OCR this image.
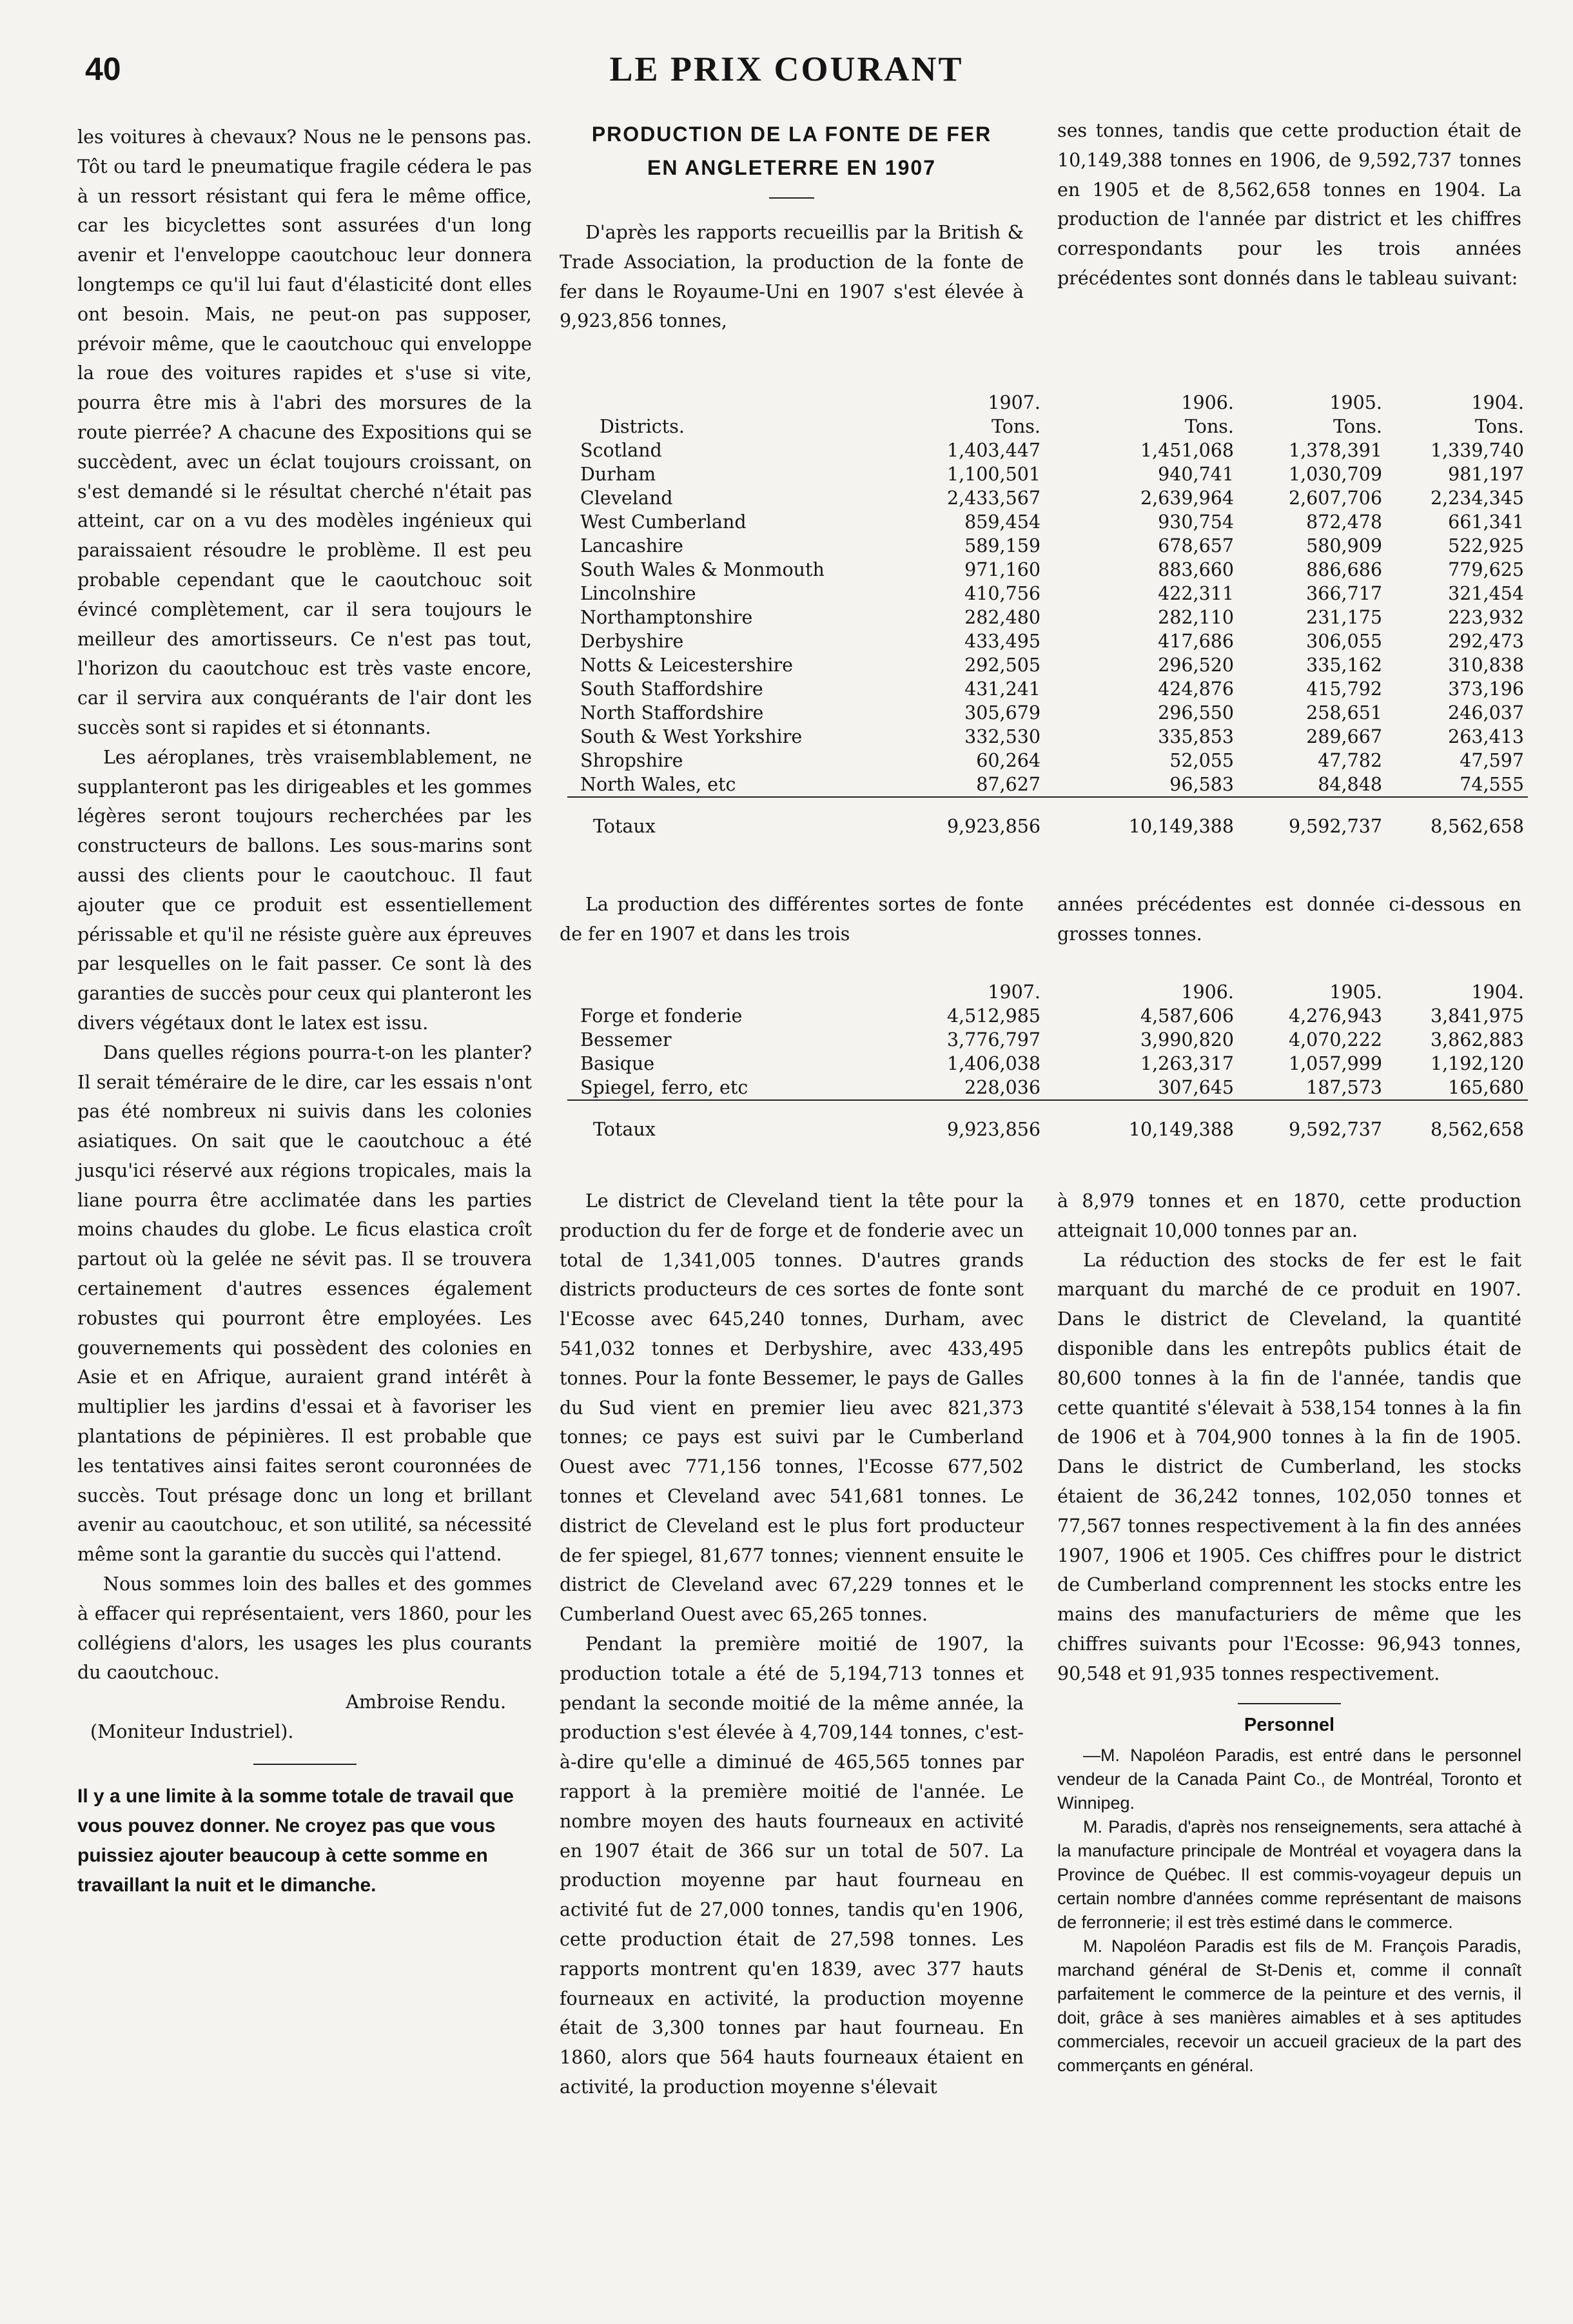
40	LE PRIX COURANT

les voitures à chevaux? Nous ne le pensons pas. Tôt ou tard le pneumatique fragile cédera le pas à un ressort résistant qui fera le même office, car les bicyclettes sont assurées d'un long avenir et l'enveloppe caoutchouc leur donnera longtemps ce qu'il lui faut d'élasticité dont elles ont besoin. Mais, ne peut-on pas supposer, prévoir même, que le caoutchouc qui enveloppe la roue des voitures rapides et s'use si vite, pourra être mis à l'abri des morsures de la route pierrée? A chacune des Expositions qui se succèdent, avec un éclat toujours croissant, on s'est demandé si le résultat cherché n'était pas atteint, car on a vu des modèles ingénieux qui paraissaient résoudre le problème. Il est peu probable cependant que le caoutchouc soit évincé complètement, car il sera toujours le meilleur des amortisseurs. Ce n'est pas tout, l'horizon du caoutchouc est très vaste encore, car il servira aux conquérants de l'air dont les succès sont si rapides et si étonnants.

Les aéroplanes, très vraisemblablement, ne supplanteront pas les dirigeables et les gommes légères seront toujours recherchées par les constructeurs de ballons. Les sous-marins sont aussi des clients pour le caoutchouc. Il faut ajouter que ce produit est essentiellement périssable et qu'il ne résiste guère aux épreuves par lesquelles on le fait passer. Ce sont là des garanties de succès pour ceux qui planteront les divers végétaux dont le latex est issu.

Dans quelles régions pourra-t-on les planter? Il serait téméraire de le dire, car les essais n'ont pas été nombreux ni suivis dans les colonies asiatiques. On sait que le caoutchouc a été jusqu'ici réservé aux régions tropicales, mais la liane pourra être acclimatée dans les parties moins chaudes du globe. Le ficus elastica croît partout où la gelée ne sévit pas. Il se trouvera certainement d'autres essences également robustes qui pourront être employées. Les gouvernements qui possèdent des colonies en Asie et en Afrique, auraient grand intérêt à multiplier les jardins d'essai et à favoriser les plantations de pépinières. Il est probable que les tentatives ainsi faites seront couronnées de succès. Tout présage donc un long et brillant avenir au caoutchouc, et son utilité, sa nécessité même sont la garantie du succès qui l'attend.

Nous sommes loin des balles et des gommes à effacer qui représentaient, vers 1860, pour les collégiens d'alors, les usages les plus courants du caoutchouc.

Ambroise Rendu.

(Moniteur Industriel).

Il y a une limite à la somme totale de travail que vous pouvez donner. Ne croyez pas que vous puissiez ajouter beaucoup à cette somme en travaillant la nuit et le dimanche.

PRODUCTION DE LA FONTE DE FER

EN ANGLETERRE EN 1907

D'après les rapports recueillis par la British & Trade Association, la production de la fonte de fer dans le Royaume-Uni en 1907 s'est élevée à 9,923,856 tonnes,

ses tonnes, tandis que cette production était de 10,149,388 tonnes en 1906, de 9,592,737 tonnes en 1905 et de 8,562,658 tonnes en 1904. La production de l'année par district et les chiffres correspondants pour les trois années précédentes sont donnés dans le tableau suivant:

	1907.	1906.	1905.	1904.
Districts.	Tons.	Tons.	Tons.	Tons.
Scotland	1,403,447	1,451,068	1,378,391	1,339,740
Durham	1,100,501	940,741	1,030,709	981,197
Cleveland	2,433,567	2,639,964	2,607,706	2,234,345
West Cumberland	859,454	930,754	872,478	661,341
Lancashire	589,159	678,657	580,909	522,925
South Wales & Monmouth	971,160	883,660	886,686	779,625
Lincolnshire	410,756	422,311	366,717	321,454
Northamptonshire	282,480	282,110	231,175	223,932
Derbyshire	433,495	417,686	306,055	292,473
Notts & Leicestershire	292,505	296,520	335,162	310,838
South Staffordshire	431,241	424,876	415,792	373,196
North Staffordshire	305,679	296,550	258,651	246,037
South & West Yorkshire	332,530	335,853	289,667	263,413
Shropshire	60,264	52,055	47,782	47,597
North Wales, etc	87,627	96,583	84,848	74,555
Totaux	9,923,856	10,149,388	9,592,737	8,562,658

La production des différentes sortes de fonte de fer en 1907 et dans les trois

années précédentes est donnée ci-dessous en grosses tonnes.

	1907.	1906.	1905.	1904.
Forge et fonderie	4,512,985	4,587,606	4,276,943	3,841,975
Bessemer	3,776,797	3,990,820	4,070,222	3,862,883
Basique	1,406,038	1,263,317	1,057,999	1,192,120
Spiegel, ferro, etc	228,036	307,645	187,573	165,680
Totaux	9,923,856	10,149,388	9,592,737	8,562,658

Le district de Cleveland tient la tête pour la production du fer de forge et de fonderie avec un total de 1,341,005 tonnes. D'autres grands districts producteurs de ces sortes de fonte sont l'Ecosse avec 645,240 tonnes, Durham, avec 541,032 tonnes et Derbyshire, avec 433,495 tonnes. Pour la fonte Bessemer, le pays de Galles du Sud vient en premier lieu avec 821,373 tonnes; ce pays est suivi par le Cumberland Ouest avec 771,156 tonnes, l'Ecosse 677,502 tonnes et Cleveland avec 541,681 tonnes. Le district de Cleveland est le plus fort producteur de fer spiegel, 81,677 tonnes; viennent ensuite le district de Cleveland avec 67,229 tonnes et le Cumberland Ouest avec 65,265 tonnes.

Pendant la première moitié de 1907, la production totale a été de 5,194,713 tonnes et pendant la seconde moitié de la même année, la production s'est élevée à 4,709,144 tonnes, c'est-à-dire qu'elle a diminué de 465,565 tonnes par rapport à la première moitié de l'année. Le nombre moyen des hauts fourneaux en activité en 1907 était de 366 sur un total de 507. La production moyenne par haut fourneau en activité fut de 27,000 tonnes, tandis qu'en 1906, cette production était de 27,598 tonnes. Les rapports montrent qu'en 1839, avec 377 hauts fourneaux en activité, la production moyenne était de 3,300 tonnes par haut fourneau. En 1860, alors que 564 hauts fourneaux étaient en activité, la production moyenne s'élevait

à 8,979 tonnes et en 1870, cette production atteignait 10,000 tonnes par an.

La réduction des stocks de fer est le fait marquant du marché de ce produit en 1907. Dans le district de Cleveland, la quantité disponible dans les entrepôts publics était de 80,600 tonnes à la fin de l'année, tandis que cette quantité s'élevait à 538,154 tonnes à la fin de 1906 et à 704,900 tonnes à la fin de 1905. Dans le district de Cumberland, les stocks étaient de 36,242 tonnes, 102,050 tonnes et 77,567 tonnes respectivement à la fin des années 1907, 1906 et 1905. Ces chiffres pour le district de Cumberland comprennent les stocks entre les mains des manufacturiers de même que les chiffres suivants pour l'Ecosse: 96,943 tonnes, 90,548 et 91,935 tonnes respectivement.

Personnel

—M. Napoléon Paradis, est entré dans le personnel vendeur de la Canada Paint Co., de Montréal, Toronto et Winnipeg.

M. Paradis, d'après nos renseignements, sera attaché à la manufacture principale de Montréal et voyagera dans la Province de Québec. Il est commis-voyageur depuis un certain nombre d'années comme représentant de maisons de ferronnerie; il est très estimé dans le commerce.

M. Napoléon Paradis est fils de M. François Paradis, marchand général de St-Denis et, comme il connaît parfaitement le commerce de la peinture et des vernis, il doit, grâce à ses manières aimables et à ses aptitudes commerciales, recevoir un accueil gracieux de la part des commerçants en général.
